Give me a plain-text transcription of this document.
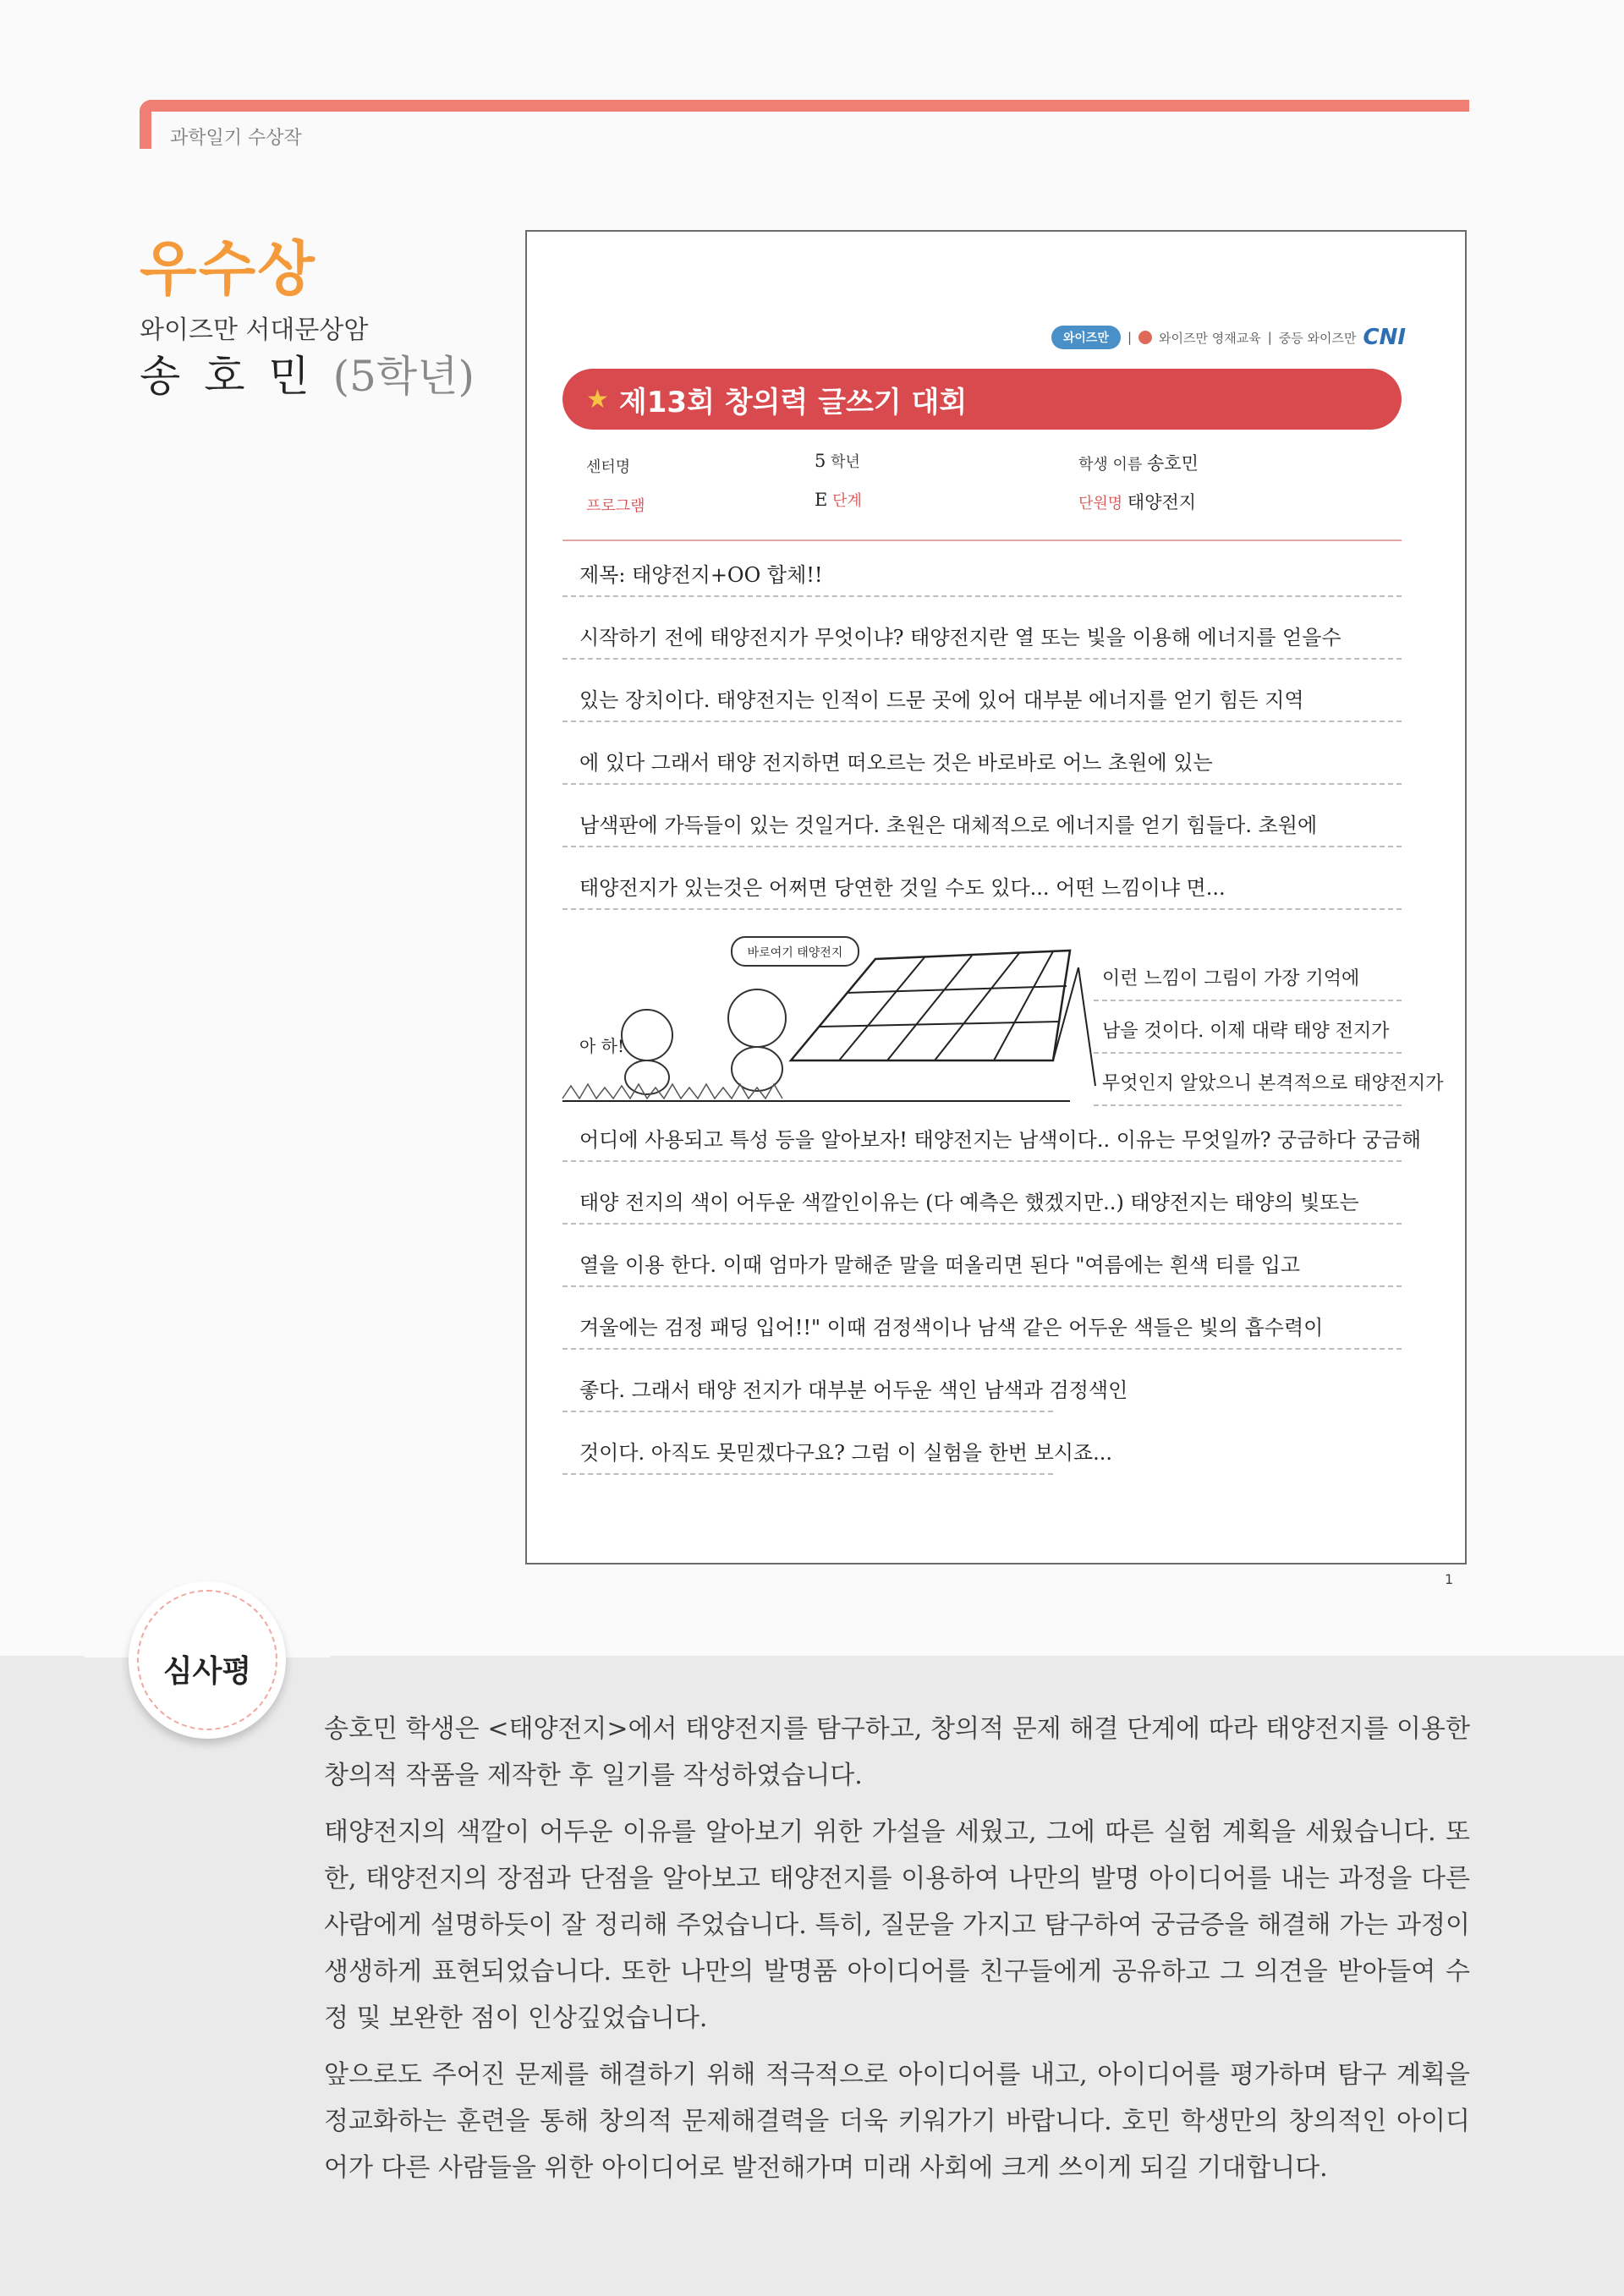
과학일기 수상작
우수상
와이즈만 서대문상암
송 호 민 (5학년)
와이즈만	| 와이즈만 영재교육 | 중등 와이즈만 CNI
★ 제13회 창의력 글쓰기 대회
센터명	5 학년	학생 이름 송호민
프로그램	E 단계	단원명 태양전지
제목: 태양전지+OO 합체!!
시작하기 전에 태양전지가 무엇이냐? 태양전지란 열 또는 빛을 이용해 에너지를 얻을수
있는 장치이다. 태양전지는 인적이 드문 곳에 있어 대부분 에너지를 얻기 힘든 지역
에 있다 그래서 태양 전지하면 떠오르는 것은 바로바로 어느 초원에 있는
남색판에 가득들이 있는 것일거다. 초원은 대체적으로 에너지를 얻기 힘들다. 초원에
태양전지가 있는것은 어쩌면 당연한 것일 수도 있다... 어떤 느낌이냐 면...
바로여기 태양전지
아 하!
이런 느낌이 그림이 가장 기억에
남을 것이다. 이제 대략 태양 전지가
무엇인지 알았으니 본격적으로 태양전지가
어디에 사용되고 특성 등을 알아보자! 태양전지는 남색이다.. 이유는 무엇일까? 궁금하다 궁금해
태양 전지의 색이 어두운 색깔인이유는 (다 예측은 했겠지만..) 태양전지는 태양의 빛또는
열을 이용 한다. 이때 엄마가 말해준 말을 떠올리면 된다 "여름에는 흰색 티를 입고
겨울에는 검정 패딩 입어!!" 이때 검정색이나 남색 같은 어두운 색들은 빛의 흡수력이
좋다. 그래서 태양 전지가 대부분 어두운 색인 남색과 검정색인
것이다. 아직도 못믿겠다구요? 그럼 이 실험을 한번 보시죠...
1
심사평

송호민 학생은 <태양전지>에서 태양전지를 탐구하고, 창의적 문제 해결 단계에 따라 태양전지를 이용한 창의적 작품을 제작한 후 일기를 작성하였습니다.

태양전지의 색깔이 어두운 이유를 알아보기 위한 가설을 세웠고, 그에 따른 실험 계획을 세웠습니다. 또한, 태양전지의 장점과 단점을 알아보고 태양전지를 이용하여 나만의 발명 아이디어를 내는 과정을 다른 사람에게 설명하듯이 잘 정리해 주었습니다. 특히, 질문을 가지고 탐구하여 궁금증을 해결해 가는 과정이 생생하게 표현되었습니다. 또한 나만의 발명품 아이디어를 친구들에게 공유하고 그 의견을 받아들여 수정 및 보완한 점이 인상깊었습니다.

앞으로도 주어진 문제를 해결하기 위해 적극적으로 아이디어를 내고, 아이디어를 평가하며 탐구 계획을 정교화하는 훈련을 통해 창의적 문제해결력을 더욱 키워가기 바랍니다. 호민 학생만의 창의적인 아이디어가 다른 사람들을 위한 아이디어로 발전해가며 미래 사회에 크게 쓰이게 되길 기대합니다.
